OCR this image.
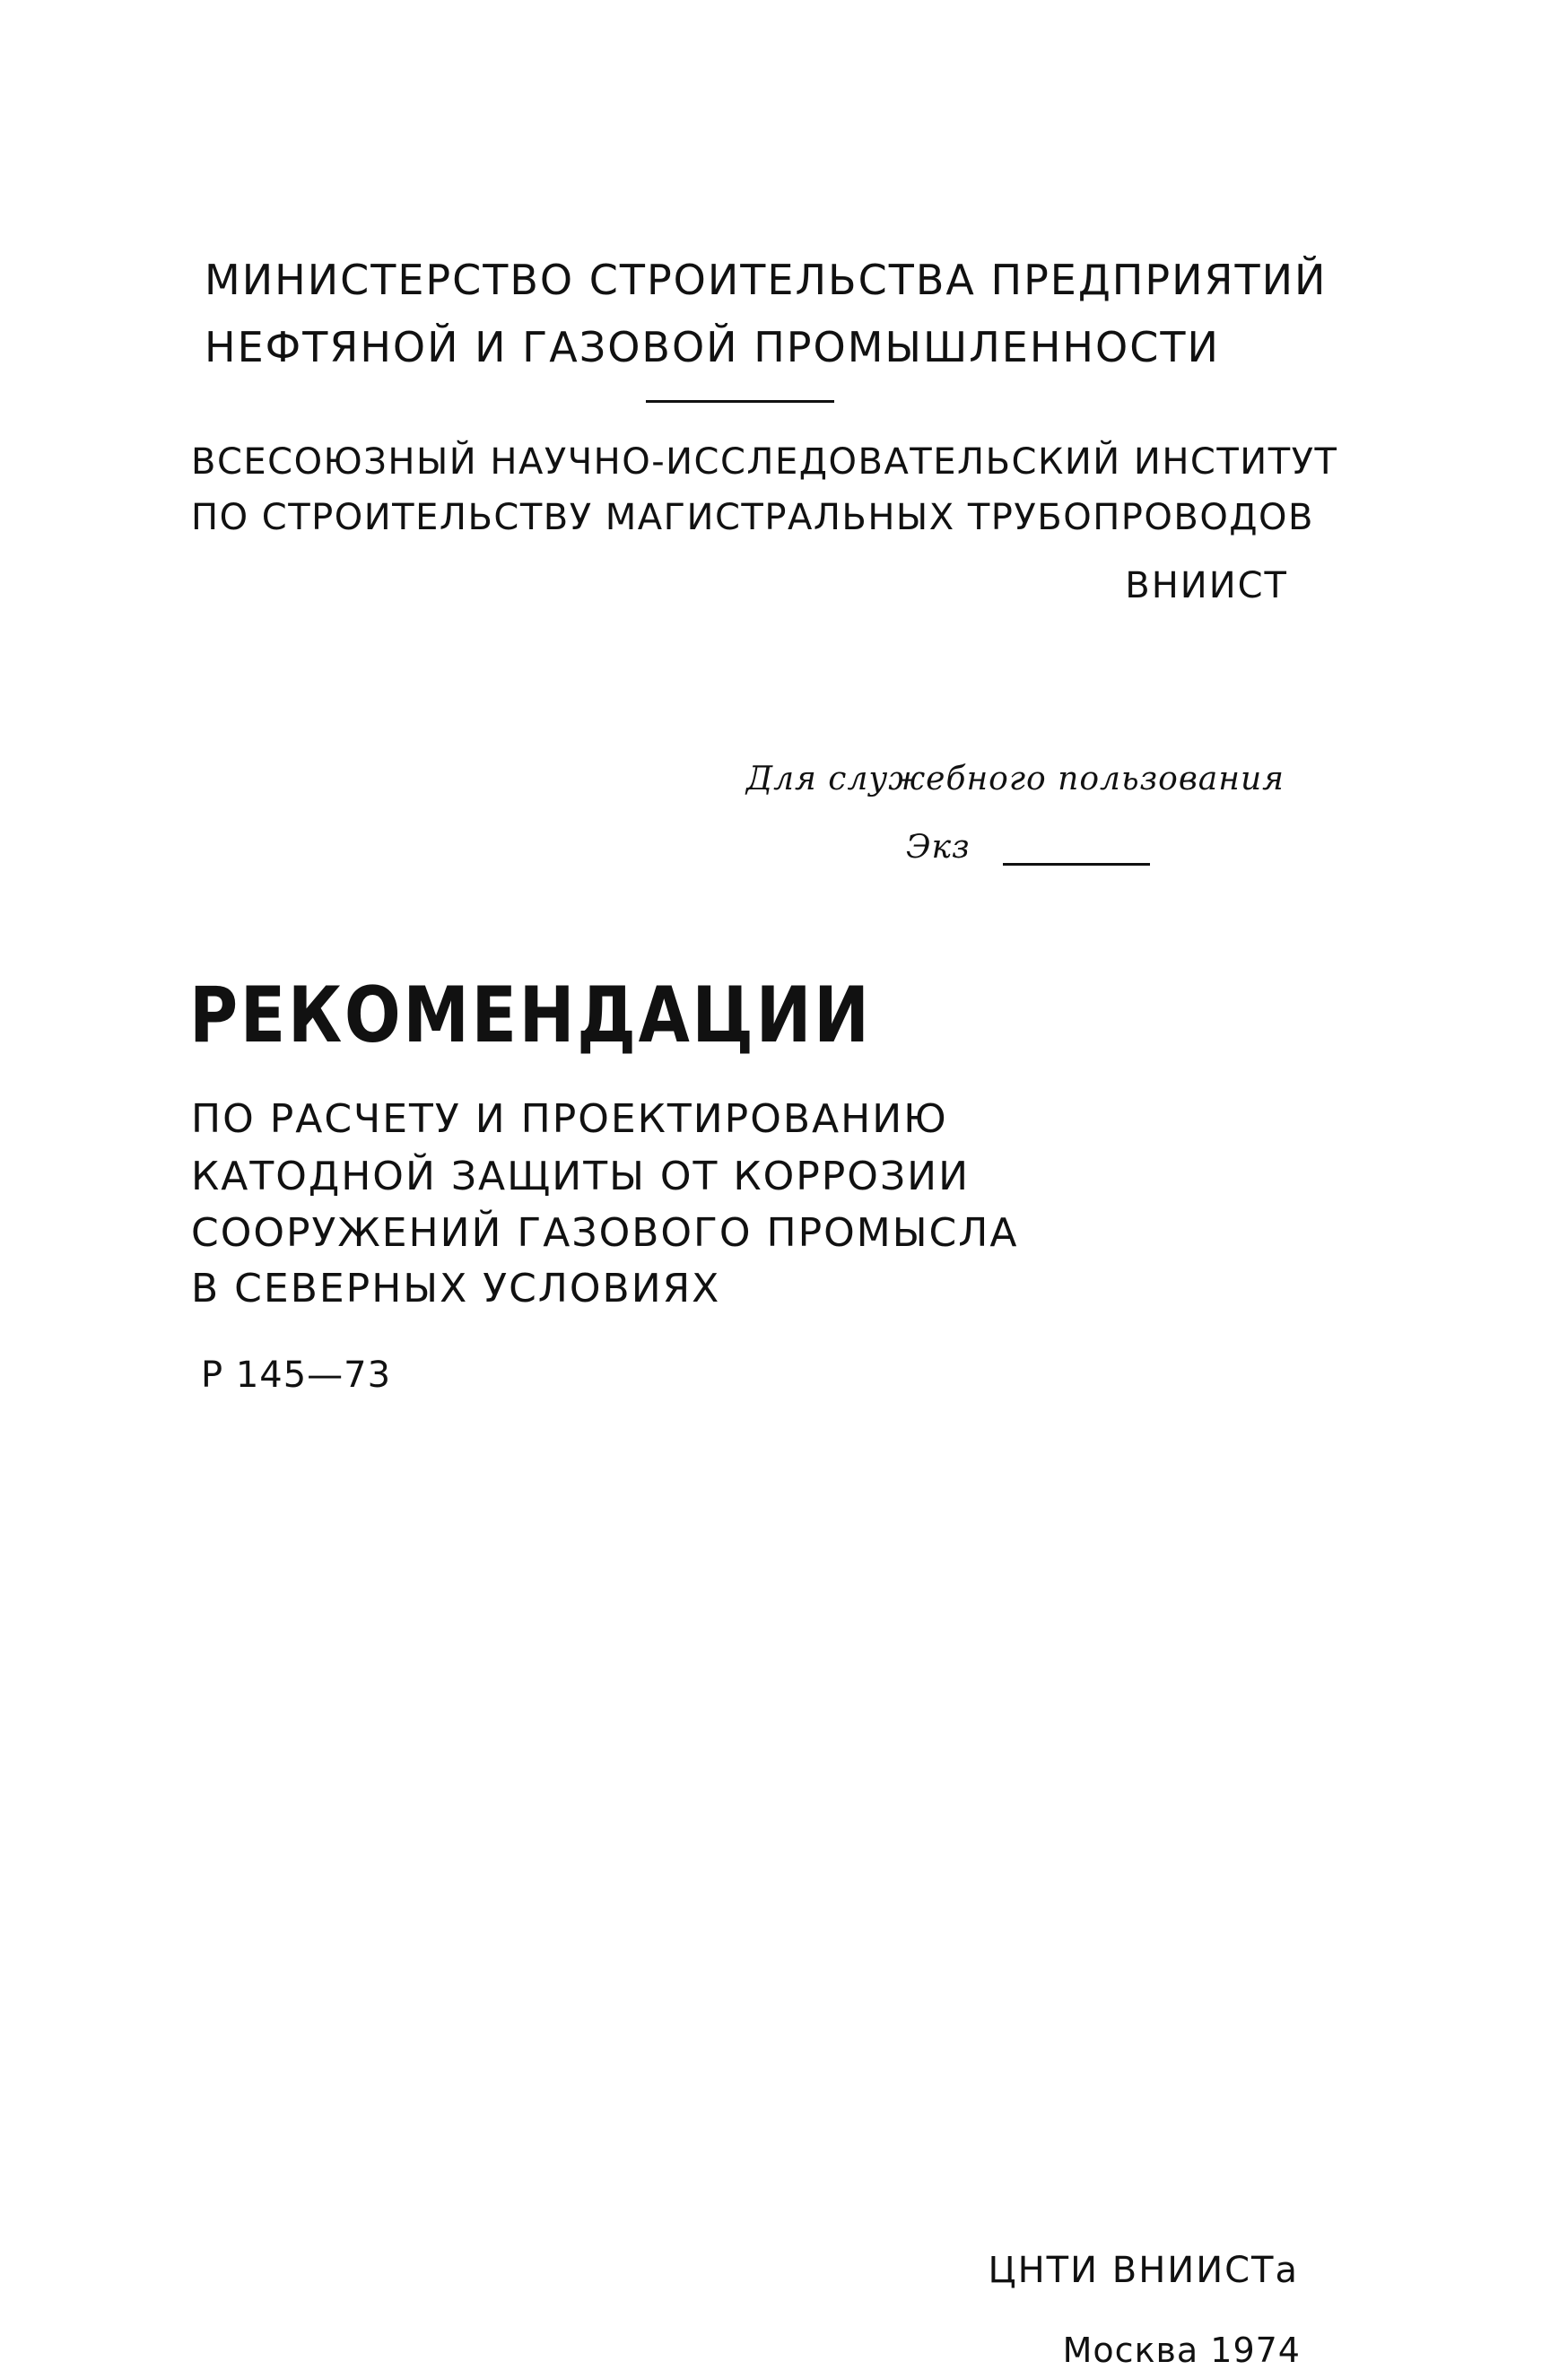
МИНИСТЕРСТВО СТРОИТЕЛЬСТВА ПРЕДПРИЯТИЙ
НЕФТЯНОЙ И ГАЗОВОЙ ПРОМЫШЛЕННОСТИ
ВСЕСОЮЗНЫЙ НАУЧНО-ИССЛЕДОВАТЕЛЬСКИЙ ИНСТИТУТ
ПО СТРОИТЕЛЬСТВУ МАГИСТРАЛЬНЫХ ТРУБОПРОВОДОВ
ВНИИСТ
Для служебного пользования
Экз
РЕКОМЕНДАЦИИ
ПО РАСЧЕТУ И ПРОЕКТИРОВАНИЮ
КАТОДНОЙ ЗАЩИТЫ ОТ КОРРОЗИИ
СООРУЖЕНИЙ ГАЗОВОГО ПРОМЫСЛА
В СЕВЕРНЫХ УСЛОВИЯХ
Р 145—73
ЦНТИ ВНИИСТа
Москва 1974
